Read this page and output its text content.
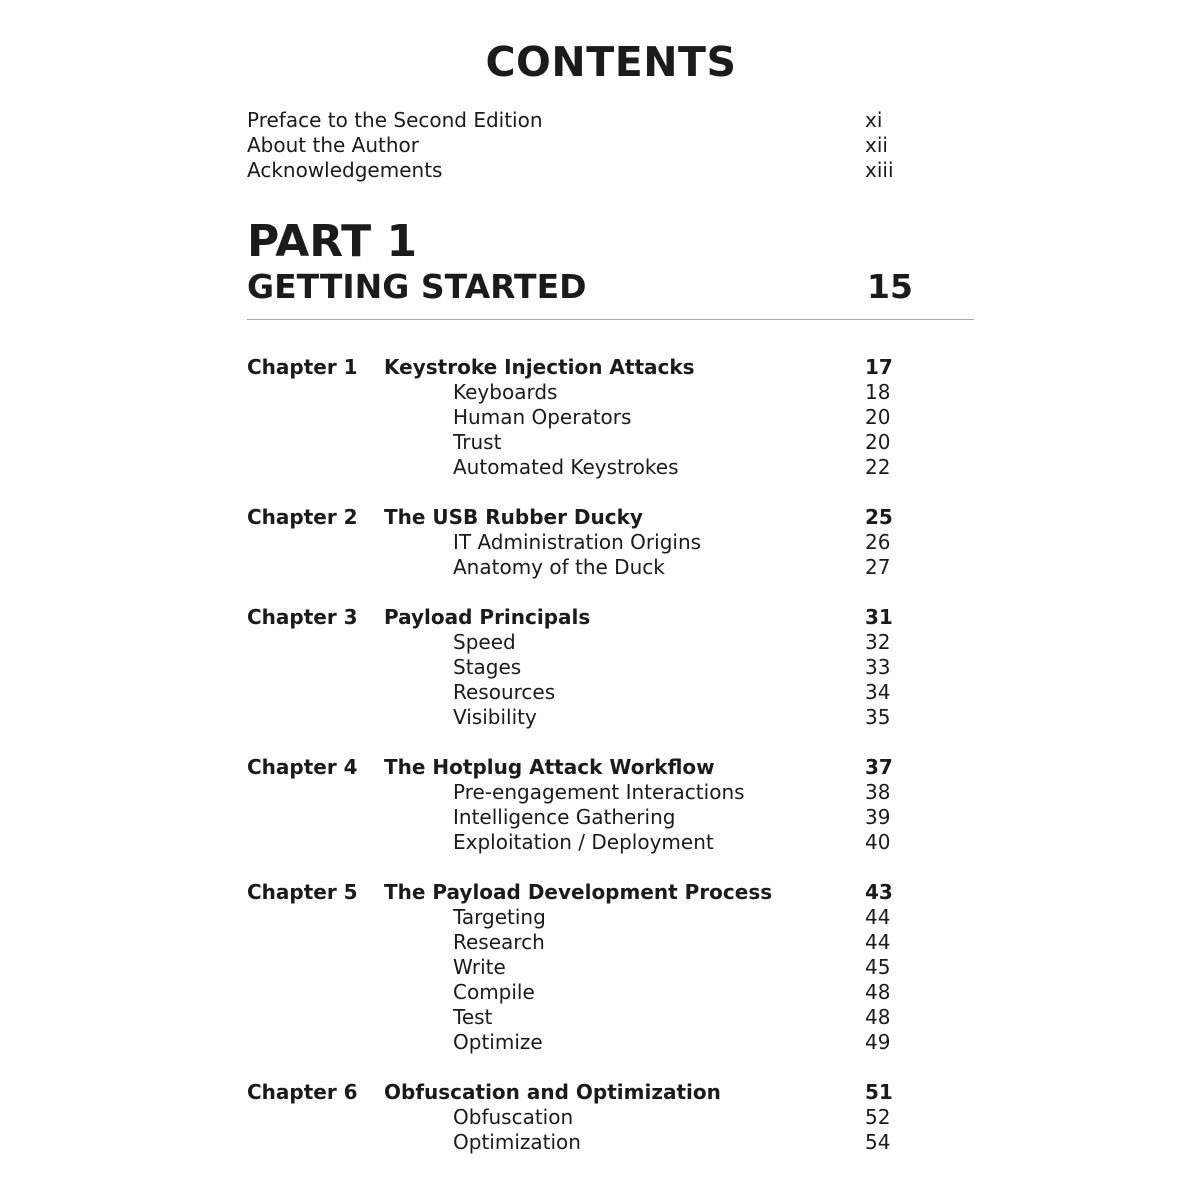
CONTENTS
Preface to the Second Edition	xi
About the Author	xii
Acknowledgements	xiii
PART 1
GETTING STARTED	15
Chapter 1 Keystroke Injection Attacks	17
Keyboards	18
Human Operators	20
Trust	20
Automated Keystrokes	22
Chapter 2 The USB Rubber Ducky	25
IT Administration Origins	26
Anatomy of the Duck	27
Chapter 3 Payload Principals	31
Speed	32
Stages	33
Resources	34
Visibility	35
Chapter 4 The Hotplug Attack Workflow	37
Pre-engagement Interactions	38
Intelligence Gathering	39
Exploitation / Deployment	40
Chapter 5 The Payload Development Process	43
Targeting	44
Research	44
Write	45
Compile	48
Test	48
Optimize	49
Chapter 6 Obfuscation and Optimization	51
Obfuscation	52
Optimization	54
